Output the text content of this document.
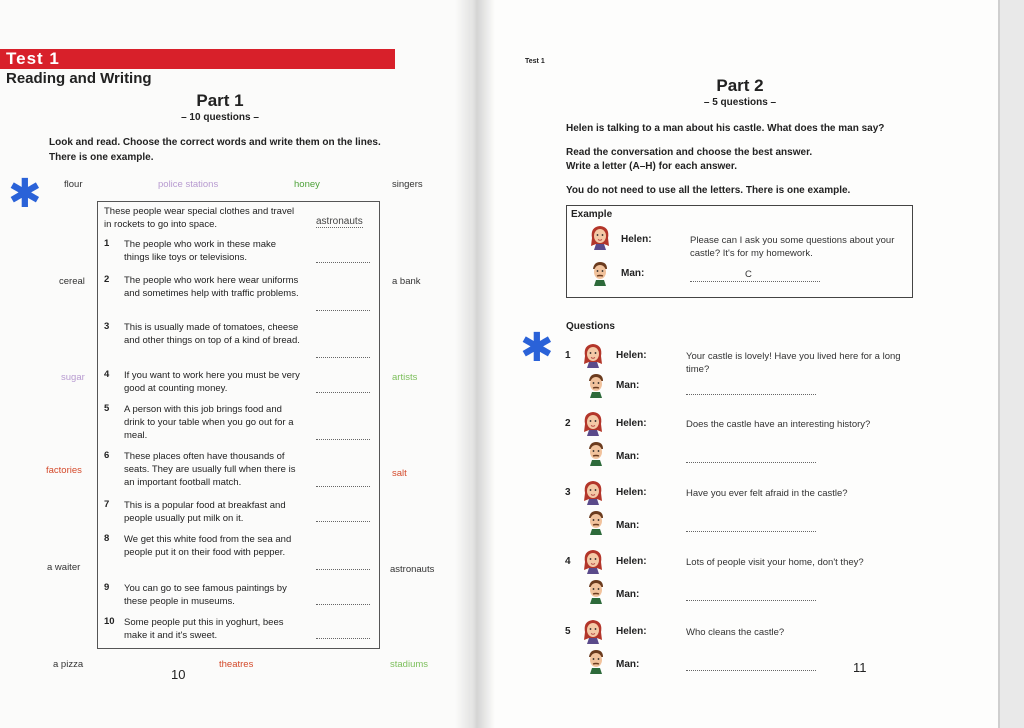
Test 1
Reading and Writing
Part 1
– 10 questions –
Look and read. Choose the correct words and write them on the lines. There is one example.
✱ flour	police stations	honey	singers
cereal	a bank
sugar	artists
factories	salt
a waiter	astronauts
a pizza	theatres	stadiums
These people wear special clothes and travel in rockets to go into space.	astronauts
1 The people who work in these make things like toys or televisions.
2 The people who work here wear uniforms and sometimes help with traffic problems.
3 This is usually made of tomatoes, cheese and other things on top of a kind of bread.
4 If you want to work here you must be very good at counting money.
5 A person with this job brings food and drink to your table when you go out for a meal.
6 These places often have thousands of seats. They are usually full when there is an important football match.
7 This is a popular food at breakfast and people usually put milk on it.
8 We get this white food from the sea and people put it on their food with pepper.
9 You can go to see famous paintings by these people in museums.
10 Some people put this in yoghurt, bees make it and it's sweet.
10
Test 1
Part 2
– 5 questions –
Helen is talking to a man about his castle. What does the man say?
Read the conversation and choose the best answer.
Write a letter (A–H) for each answer.
You do not need to use all the letters. There is one example.
Example
Helen:	Please can I ask you some questions about your castle? It's for my homework.
Man:	C
Questions
✱ 1	Helen:	Your castle is lovely! Have you lived here for a long time?
Man:
2	Helen:	Does the castle have an interesting history?
Man:
3	Helen:	Have you ever felt afraid in the castle?
Man:
4	Helen:	Lots of people visit your home, don't they?
Man:
5	Helen:	Who cleans the castle?
Man:	11
